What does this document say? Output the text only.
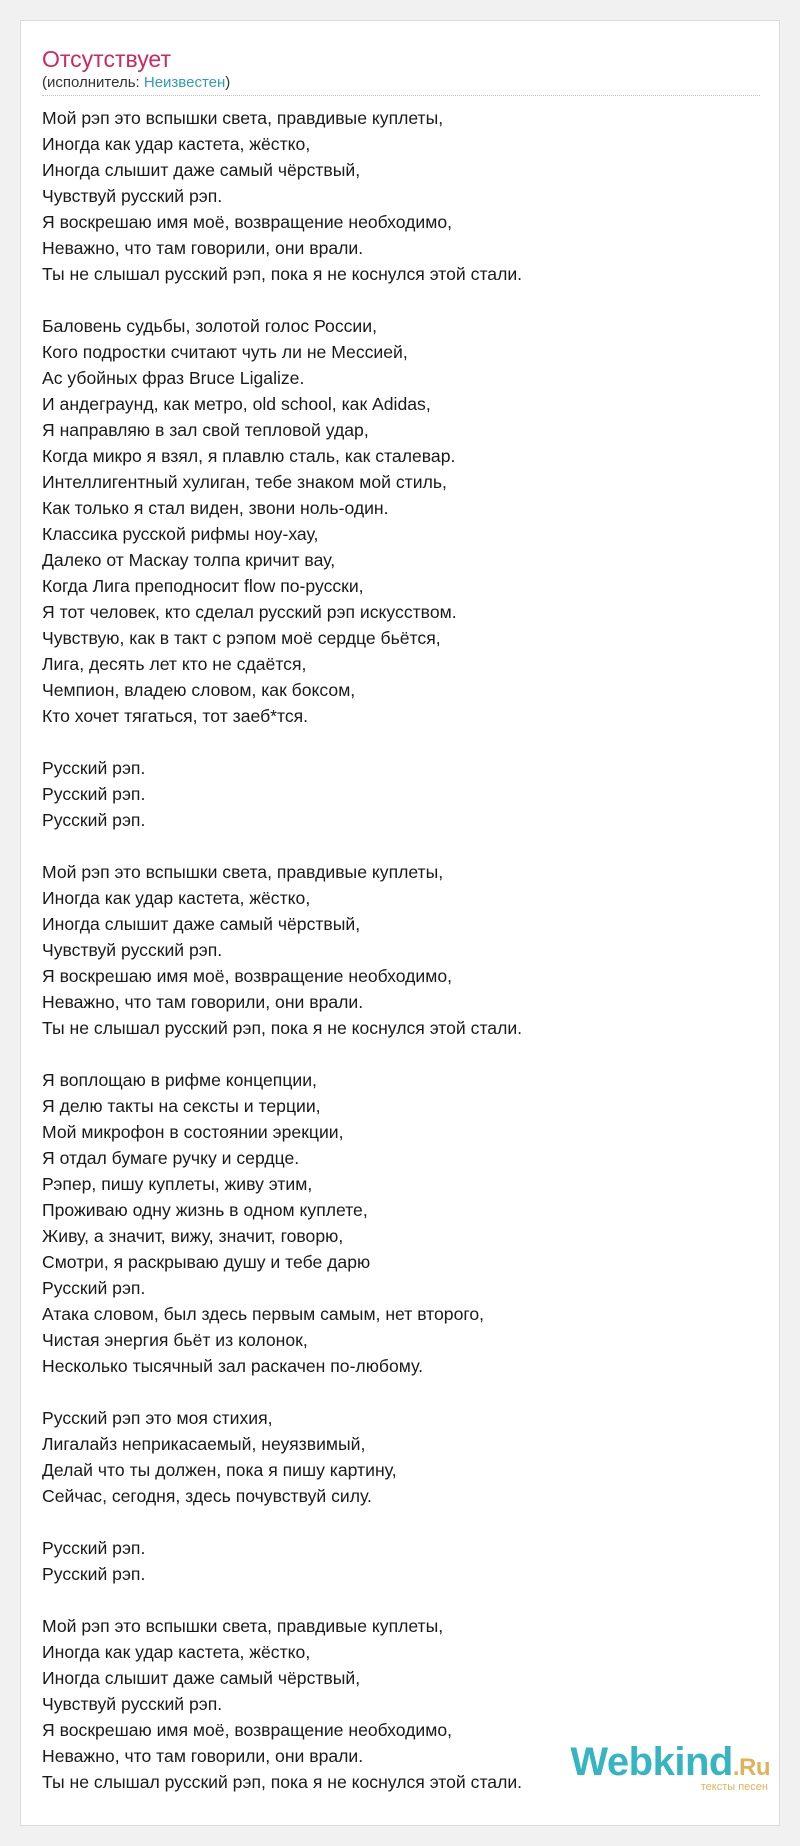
Отсутствует
(исполнитель: Неизвестен)
Мой рэп это вспышки света, правдивые куплеты,
Иногда как удар кастета, жёстко,
Иногда слышит даже самый чёрствый,
Чувствуй русский рэп.
Я воскрешаю имя моё, возвращение необходимо,
Неважно, что там говорили, они врали.
Ты не слышал русский рэп, пока я не коснулся этой стали.
Баловень судьбы, золотой голос России,
Кого подростки считают чуть ли не Мессией,
Ас убойных фраз Bruce Ligalize.
И андеграунд, как метро, old school, как Adidas,
Я направляю в зал свой тепловой удар,
Когда микро я взял, я плавлю сталь, как сталевар.
Интеллигентный хулиган, тебе знаком мой стиль,
Как только я стал виден, звони ноль-один.
Классика русской рифмы ноу-хау,
Далеко от Маскау толпа кричит вау,
Когда Лига преподносит flow по-русски,
Я тот человек, кто сделал русский рэп искусством.
Чувствую, как в такт с рэпом моё сердце бьётся,
Лига, десять лет кто не сдаётся,
Чемпион, владею словом, как боксом,
Кто хочет тягаться, тот заеб*тся.
Русский рэп.
Русский рэп.
Русский рэп.
Мой рэп это вспышки света, правдивые куплеты,
Иногда как удар кастета, жёстко,
Иногда слышит даже самый чёрствый,
Чувствуй русский рэп.
Я воскрешаю имя моё, возвращение необходимо,
Неважно, что там говорили, они врали.
Ты не слышал русский рэп, пока я не коснулся этой стали.
Я воплощаю в рифме концепции,
Я делю такты на сексты и терции,
Мой микрофон в состоянии эрекции,
Я отдал бумаге ручку и сердце.
Рэпер, пишу куплеты, живу этим,
Проживаю одну жизнь в одном куплете,
Живу, а значит, вижу, значит, говорю,
Смотри, я раскрываю душу и тебе дарю
Русский рэп.
Атака словом, был здесь первым самым, нет второго,
Чистая энергия бьёт из колонок,
Несколько тысячный зал раскачен по-любому.
Русский рэп это моя стихия,
Лигалайз неприкасаемый, неуязвимый,
Делай что ты должен, пока я пишу картину,
Сейчас, сегодня, здесь почувствуй силу.
Русский рэп.
Русский рэп.
Мой рэп это вспышки света, правдивые куплеты,
Иногда как удар кастета, жёстко,
Иногда слышит даже самый чёрствый,
Чувствуй русский рэп.
Я воскрешаю имя моё, возвращение необходимо,
Неважно, что там говорили, они врали.
Ты не слышал русский рэп, пока я не коснулся этой стали.	Webkind.Ru
тексты песен
